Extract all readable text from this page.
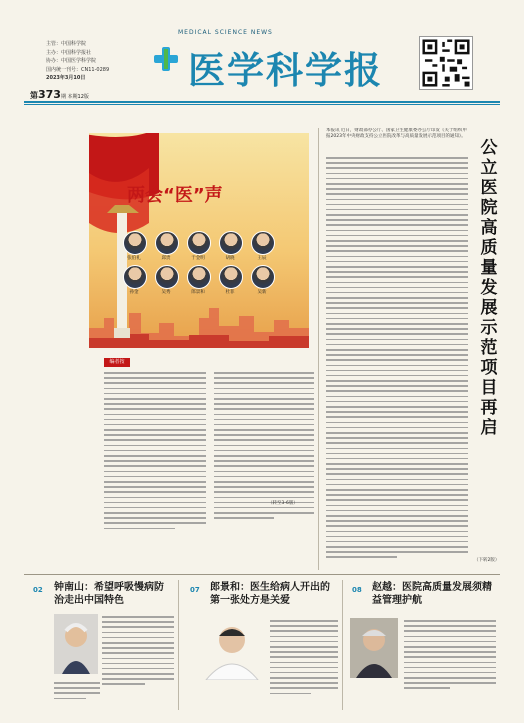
主管：中国科学院
主办：中国科学报社
协办：中国医学科学院
国内统一刊号：CN11-0289
2023年3月10日
第373期 本期12版
MEDICAL SCIENCE NEWS
医学科学报
两会“医”声
张伯礼	邱贵	于金明	胡晓	王辰
孙金	吴秀	郎景和	杜菲	吴新
编者按
（转至3-6版）
本报讯 近日，财政部办公厅、国家卫生健康委办公厅印发《关于组织申报2023年中央财政支持公立医院改革与高质量发展示范项目的通知》。
（下转2版）
公
立
医
院
高
质
量
发
展
示
范
项
目
再
启
02 钟南山：希望呼吸慢病防治走出中国特色
07 郎景和：医生给病人开出的第一张处方是关爱
08 赵越：医院高质量发展须精益管理护航
